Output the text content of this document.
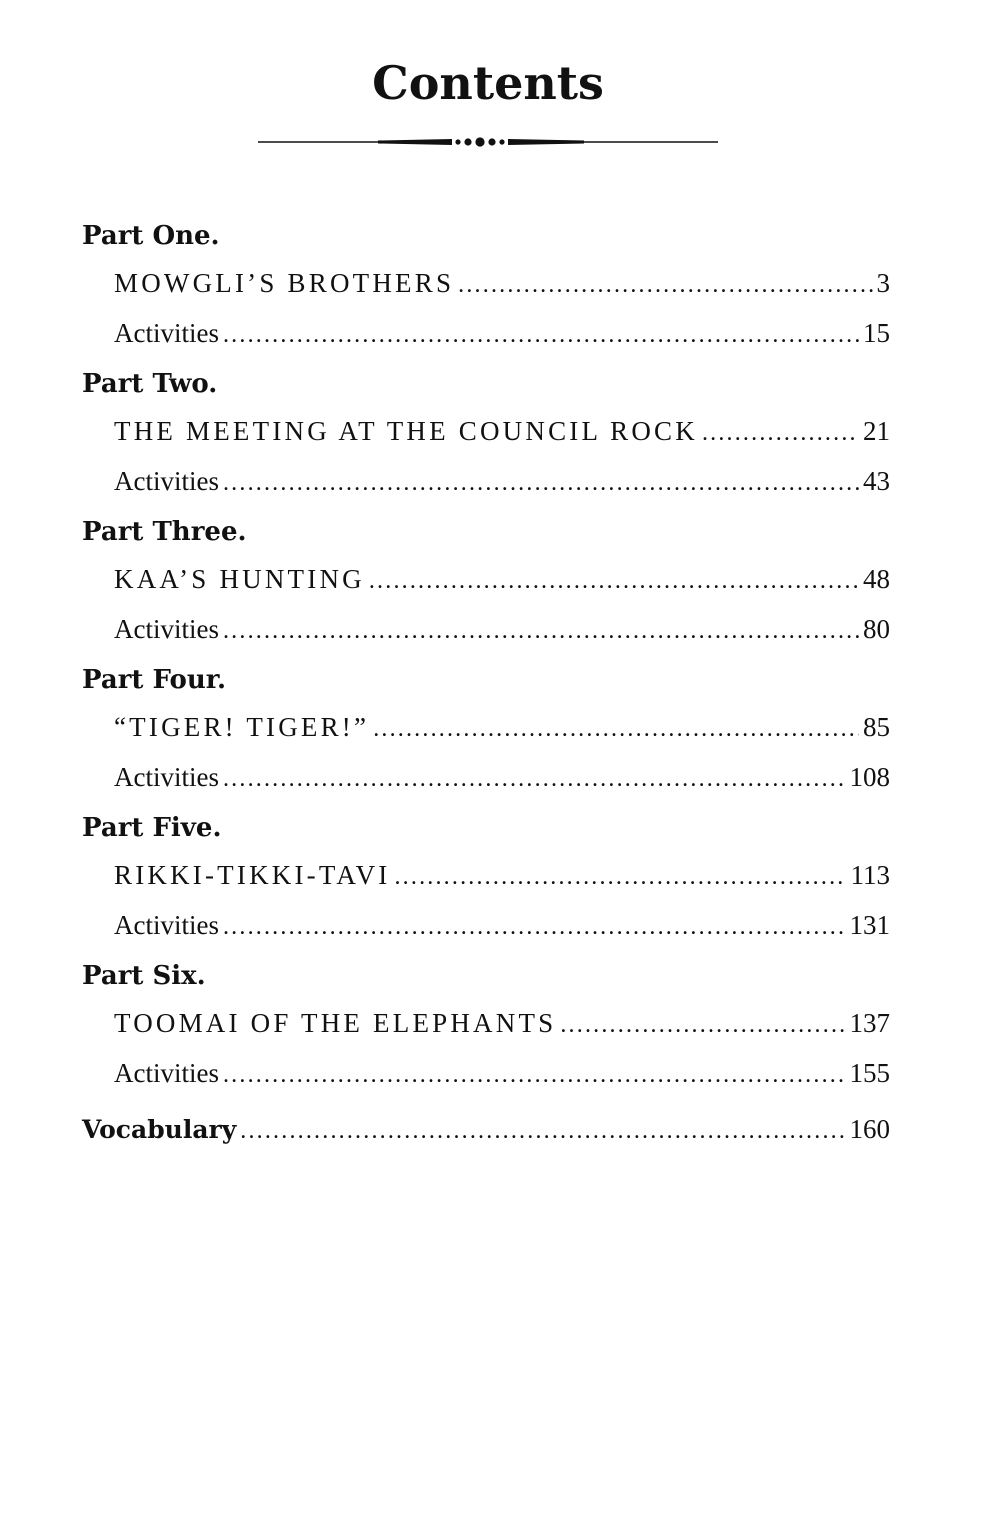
Contents
Part One.
MOWGLI’S BROTHERS .....	3
Activities .....	15
Part Two.
THE MEETING AT THE COUNCIL ROCK .....	21
Activities .....	43
Part Three.
KAA’S HUNTING .....	48
Activities .....	80
Part Four.
“TIGER! TIGER!” .....	85
Activities .....	108
Part Five.
RIKKI-TIKKI-TAVI .....	113
Activities .....	131
Part Six.
TOOMAI OF THE ELEPHANTS .....	137
Activities .....	155
Vocabulary .....	160
